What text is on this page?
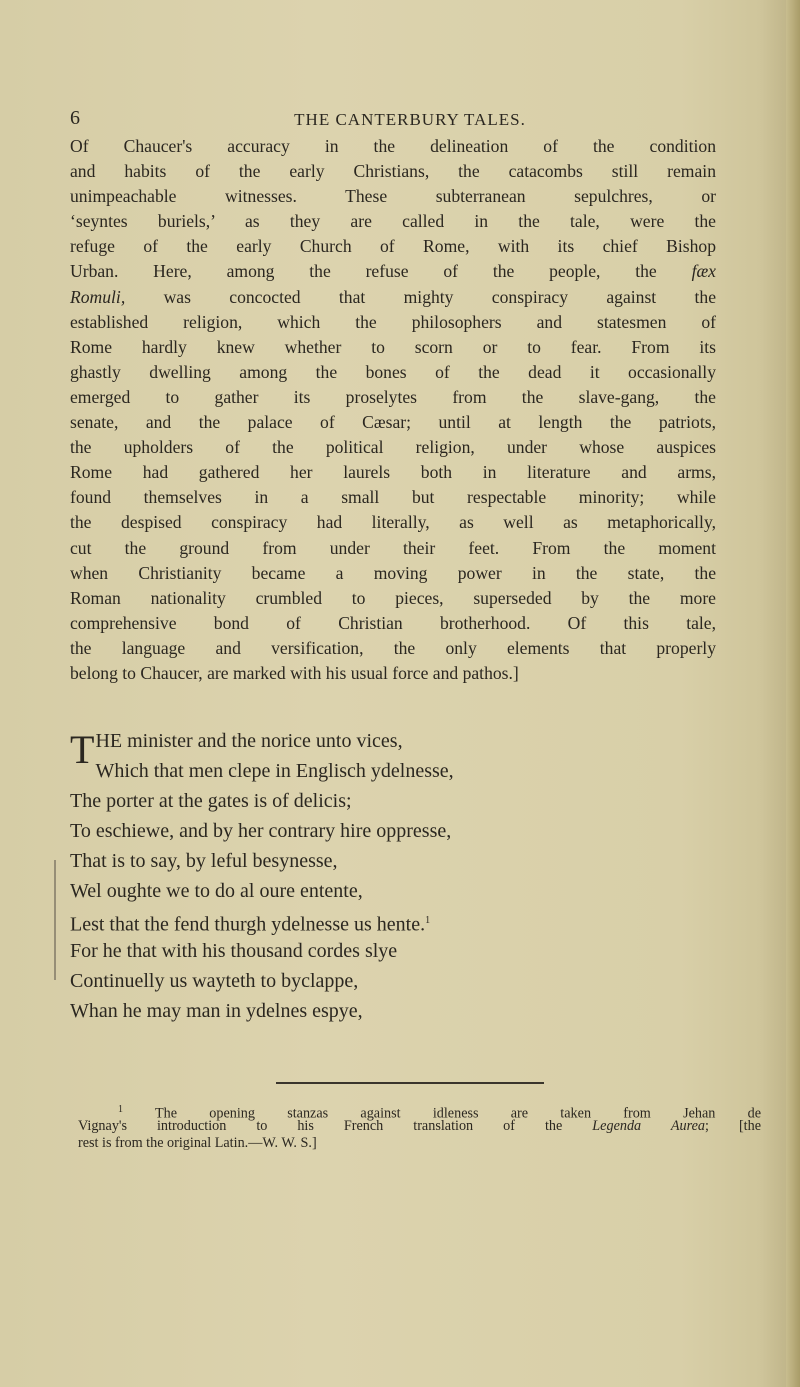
6	THE CANTERBURY TALES.
Of Chaucer's accuracy in the delineation of the condition
and habits of the early Christians, the catacombs still remain
unimpeachable witnesses. These subterranean sepulchres, or
‘seyntes buriels,’ as they are called in the tale, were the
refuge of the early Church of Rome, with its chief Bishop
Urban. Here, among the refuse of the people, the fæx
Romuli, was concocted that mighty conspiracy against the
established religion, which the philosophers and statesmen of
Rome hardly knew whether to scorn or to fear. From its
ghastly dwelling among the bones of the dead it occasionally
emerged to gather its proselytes from the slave-gang, the
senate, and the palace of Cæsar; until at length the patriots,
the upholders of the political religion, under whose auspices
Rome had gathered her laurels both in literature and arms,
found themselves in a small but respectable minority; while
the despised conspiracy had literally, as well as metaphorically,
cut the ground from under their feet. From the moment
when Christianity became a moving power in the state, the
Roman nationality crumbled to pieces, superseded by the more
comprehensive bond of Christian brotherhood. Of this tale,
the language and versification, the only elements that properly
belong to Chaucer, are marked with his usual force and pathos.]
T HE minister and the norice unto vices,
Which that men clepe in Englisch ydelnesse,
The porter at the gates is of delicis;
To eschiewe, and by her contrary hire oppresse,
That is to say, by leful besynesse,
Wel oughte we to do al oure entente,
Lest that the fend thurgh ydelnesse us hente.$^1$
For he that with his thousand cordes slye
Continuelly us wayteth to byclappe,
Whan he may man in ydelnes espye,
$^1$ The opening stanzas against idleness are taken from Jehan de
Vignay's introduction to his French translation of the Legenda Aurea; [the
rest is from the original Latin.—W. W. S.]
